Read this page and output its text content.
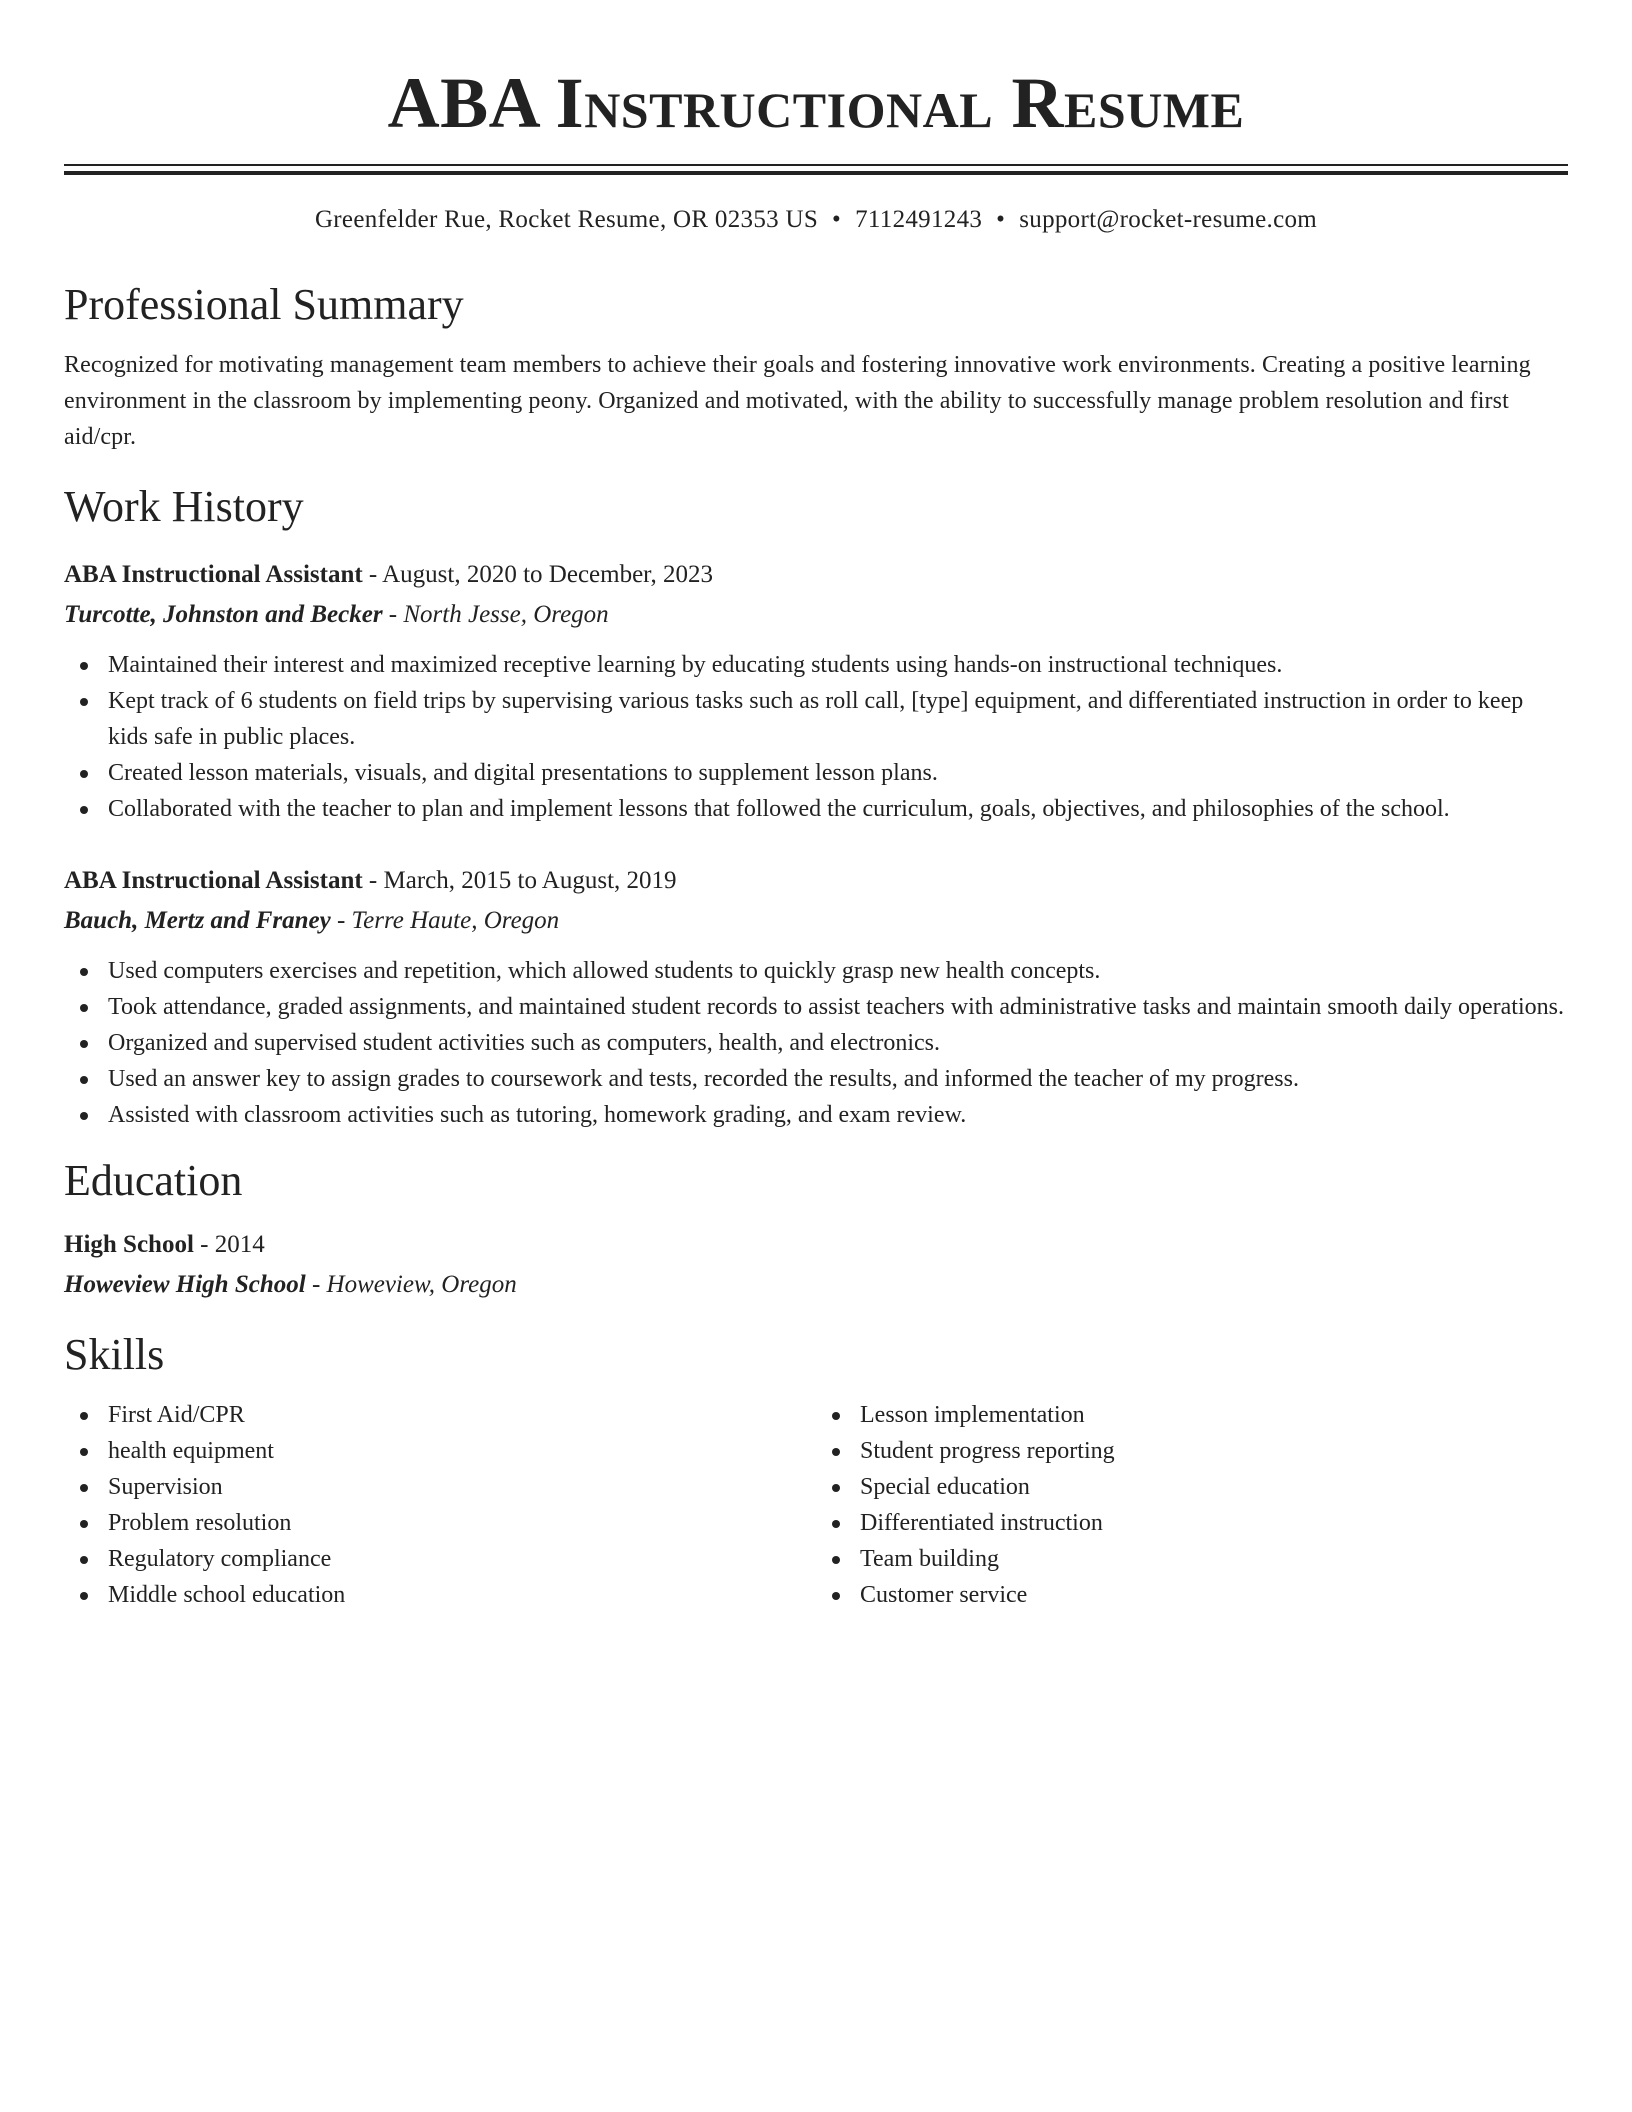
ABA Instructional Resume
Greenfelder Rue, Rocket Resume, OR 02353 US • 7112491243 • support@rocket-resume.com
Professional Summary

Recognized for motivating management team members to achieve their goals and fostering innovative work environments. Creating a positive learning environment in the classroom by implementing peony. Organized and motivated, with the ability to successfully manage problem resolution and first aid/cpr.

Work History
ABA Instructional Assistant - August, 2020 to December, 2023
Turcotte, Johnston and Becker - North Jesse, Oregon
Maintained their interest and maximized receptive learning by educating students using hands-on instructional techniques.
Kept track of 6 students on field trips by supervising various tasks such as roll call, [type] equipment, and differentiated instruction in order to keep kids safe in public places.
Created lesson materials, visuals, and digital presentations to supplement lesson plans.
Collaborated with the teacher to plan and implement lessons that followed the curriculum, goals, objectives, and philosophies of the school.
ABA Instructional Assistant - March, 2015 to August, 2019
Bauch, Mertz and Franey - Terre Haute, Oregon
Used computers exercises and repetition, which allowed students to quickly grasp new health concepts.
Took attendance, graded assignments, and maintained student records to assist teachers with administrative tasks and maintain smooth daily operations.
Organized and supervised student activities such as computers, health, and electronics.
Used an answer key to assign grades to coursework and tests, recorded the results, and informed the teacher of my progress.
Assisted with classroom activities such as tutoring, homework grading, and exam review.
Education
High School - 2014
Howeview High School - Howeview, Oregon
Skills
First Aid/CPR
health equipment
Supervision
Problem resolution
Regulatory compliance
Middle school education
Lesson implementation
Student progress reporting
Special education
Differentiated instruction
Team building
Customer service
